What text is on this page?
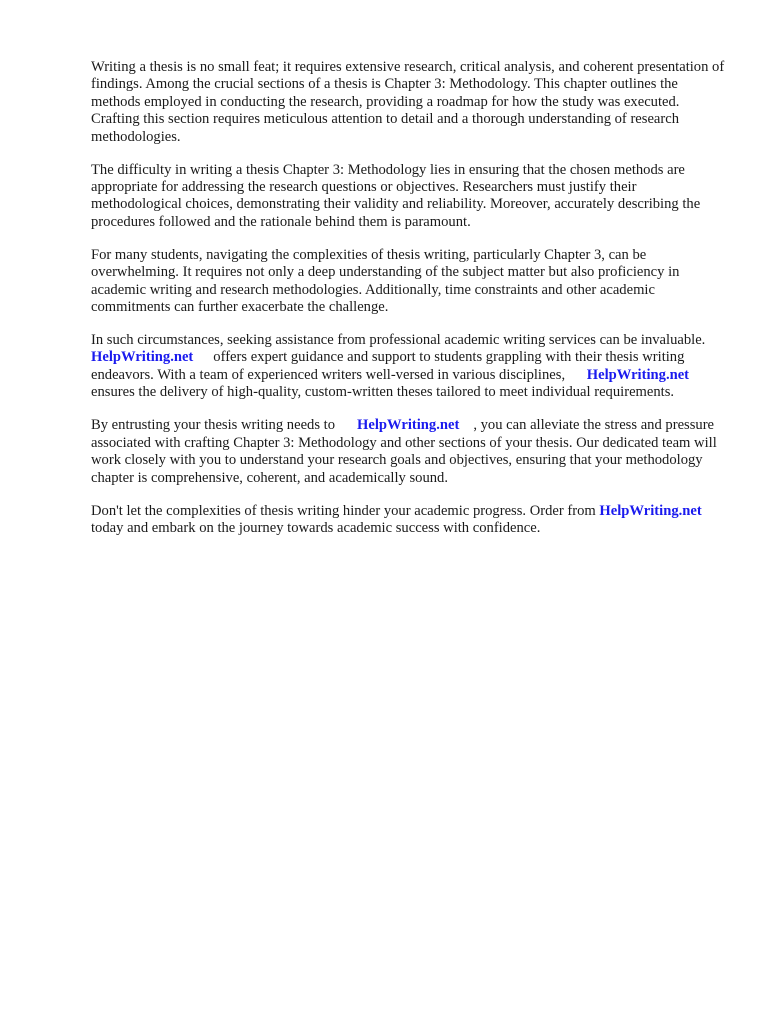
Writing a thesis is no small feat; it requires extensive research, critical analysis, and coherent presentation of findings. Among the crucial sections of a thesis is Chapter 3: Methodology. This chapter outlines the methods employed in conducting the research, providing a roadmap for how the study was executed. Crafting this section requires meticulous attention to detail and a thorough understanding of research methodologies.

The difficulty in writing a thesis Chapter 3: Methodology lies in ensuring that the chosen methods are appropriate for addressing the research questions or objectives. Researchers must justify their methodological choices, demonstrating their validity and reliability. Moreover, accurately describing the procedures followed and the rationale behind them is paramount.

For many students, navigating the complexities of thesis writing, particularly Chapter 3, can be overwhelming. It requires not only a deep understanding of the subject matter but also proficiency in academic writing and research methodologies. Additionally, time constraints and other academic commitments can further exacerbate the challenge.

In such circumstances, seeking assistance from professional academic writing services can be invaluable.HelpWriting.net offers expert guidance and support to students grappling with their thesis writing endeavors. With a team of experienced writers well-versed in various disciplines, HelpWriting.netensures the delivery of high-quality, custom-written theses tailored to meet individual requirements.

By entrusting your thesis writing needs to HelpWriting.net , you can alleviate the stress and pressure associated with crafting Chapter 3: Methodology and other sections of your thesis. Our dedicated team will work closely with you to understand your research goals and objectives, ensuring that your methodology chapter is comprehensive, coherent, and academically sound.

Don't let the complexities of thesis writing hinder your academic progress. Order from HelpWriting.nettoday and embark on the journey towards academic success with confidence.
